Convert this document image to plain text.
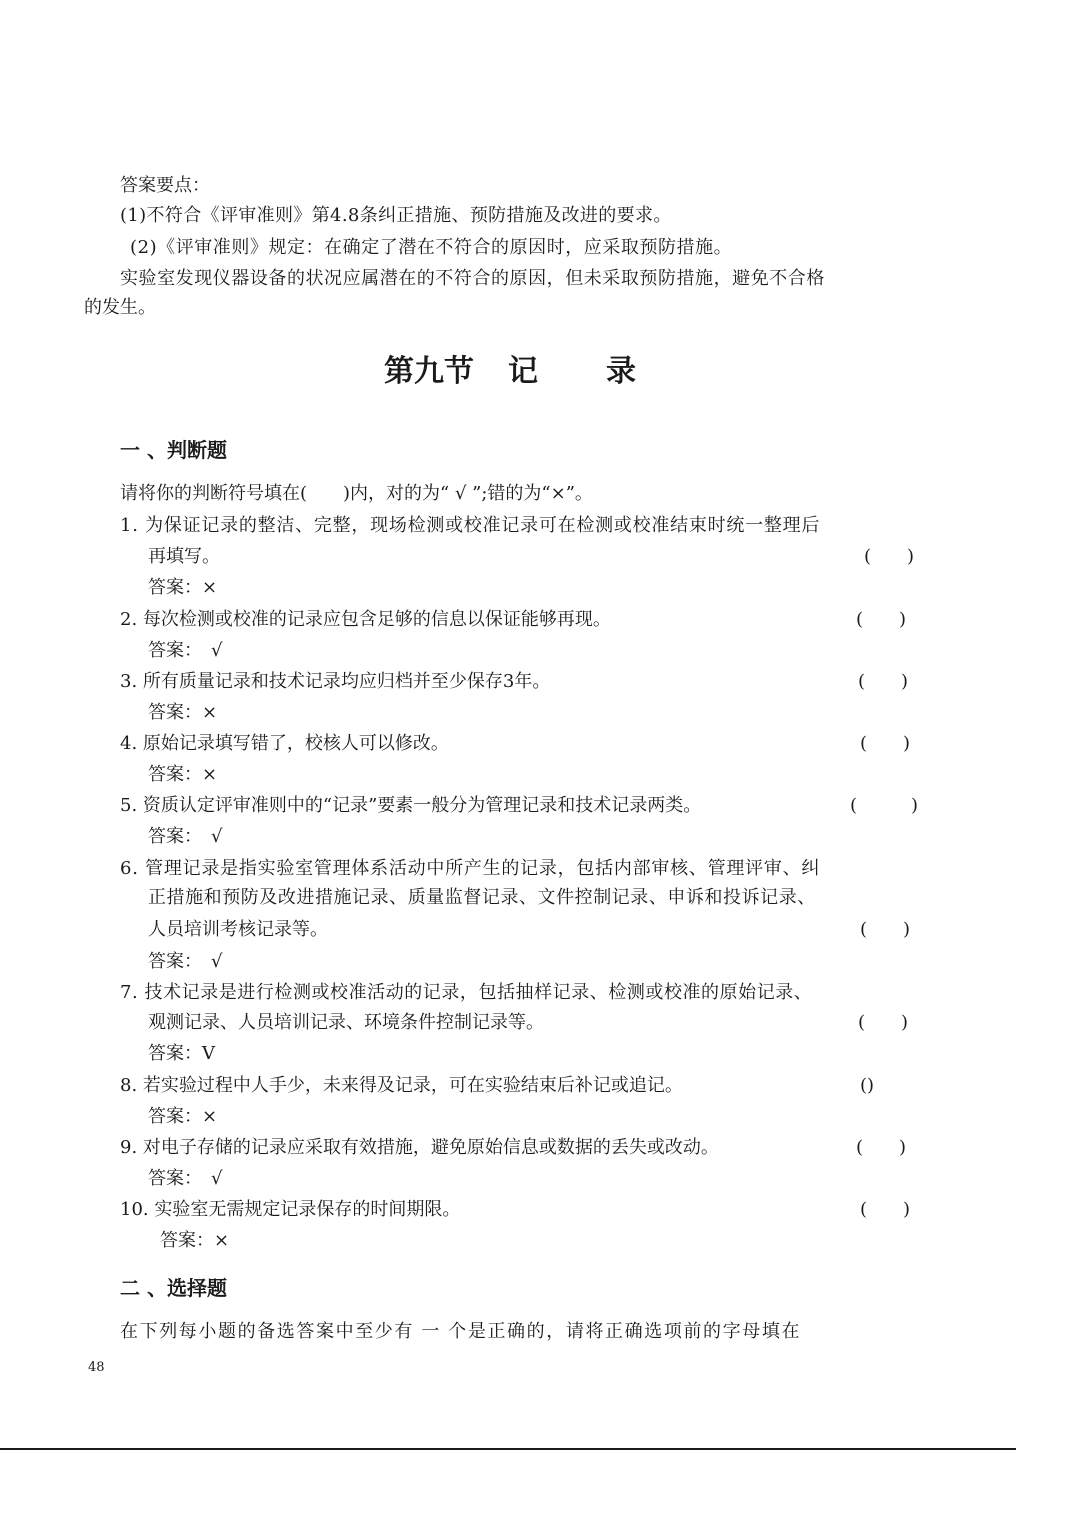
答案要点：
(1)不符合《评审准则》第4.8条纠正措施、预防措施及改进的要求。
(2)《评审准则》规定：在确定了潜在不符合的原因时，应采取预防措施。
实验室发现仪器设备的状况应属潜在的不符合的原因，但未采取预防措施，避免不合格
的发生。
第九节 记 录
一 、判断题
请将你的判断符号填在(　　)内，对的为“ √ ”;错的为“×”。
1. 为保证记录的整洁、完整，现场检测或校准记录可在检测或校准结束时统一整理后
再填写。	(　　)
答案：×
2. 每次检测或校准的记录应包含足够的信息以保证能够再现。	(　　)
答案：　√
3. 所有质量记录和技术记录均应归档并至少保存3年。	(　　)
答案：×
4. 原始记录填写错了，校核人可以修改。	(　　)
答案：×
5. 资质认定评审准则中的“记录”要素一般分为管理记录和技术记录两类。	(　　　)
答案：　√
6. 管理记录是指实验室管理体系活动中所产生的记录，包括内部审核、管理评审、纠
正措施和预防及改进措施记录、质量监督记录、文件控制记录、申诉和投诉记录、
人员培训考核记录等。	(　　)
答案：　√
7. 技术记录是进行检测或校准活动的记录，包括抽样记录、检测或校准的原始记录、
观测记录、人员培训记录、环境条件控制记录等。	(　　)
答案：V
8. 若实验过程中人手少，未来得及记录，可在实验结束后补记或追记。	()
答案：×
9. 对电子存储的记录应采取有效措施，避免原始信息或数据的丢失或改动。	(　　)
答案：　√
10. 实验室无需规定记录保存的时间期限。	(　　)
答案：×
二 、选择题
在下列每小题的备选答案中至少有 一 个是正确的，请将正确选项前的字母填在
48
